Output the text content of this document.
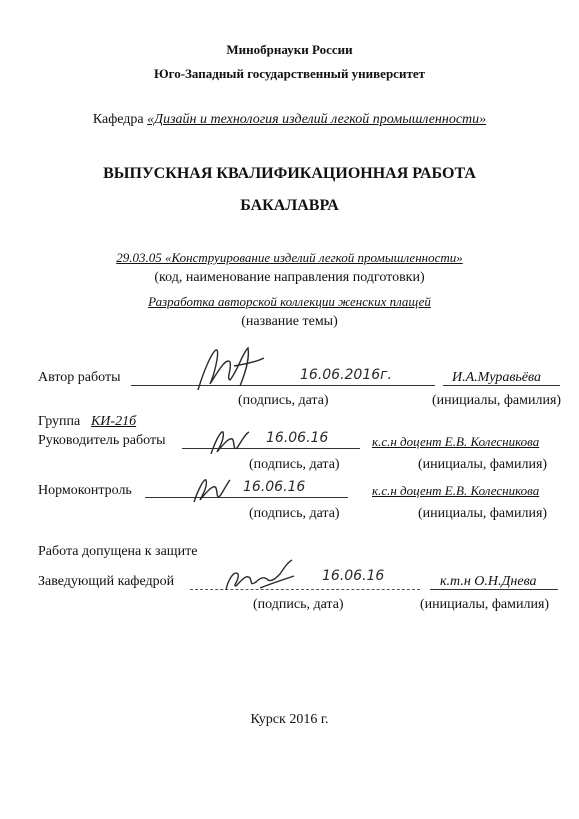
Минобрнауки России
Юго-Западный государственный университет
Кафедра «Дизайн и технология изделий легкой промышленности»
ВЫПУСКНАЯ КВАЛИФИКАЦИОННАЯ РАБОТА
БАКАЛАВРА
29.03.05 «Конструирование изделий легкой промышленности»
(код, наименование направления подготовки)
Разработка авторской коллекции женских плащей
(название темы)
Автор работы	16.06.2016г.	И.А.Муравьёва
(подпись, дата)	(инициалы, фамилия)
Группа КИ-21б
Руководитель работы	16.06.16	к.с.н доцент Е.В. Колесникова
(подпись, дата)	(инициалы, фамилия)
Нормоконтроль	16.06.16	к.с.н доцент Е.В. Колесникова
(подпись, дата)	(инициалы, фамилия)
Работа допущена к защите
Заведующий кафедрой	16.06.16	к.т.н О.Н.Днева
(подпись, дата)	(инициалы, фамилия)
Курск 2016 г.
